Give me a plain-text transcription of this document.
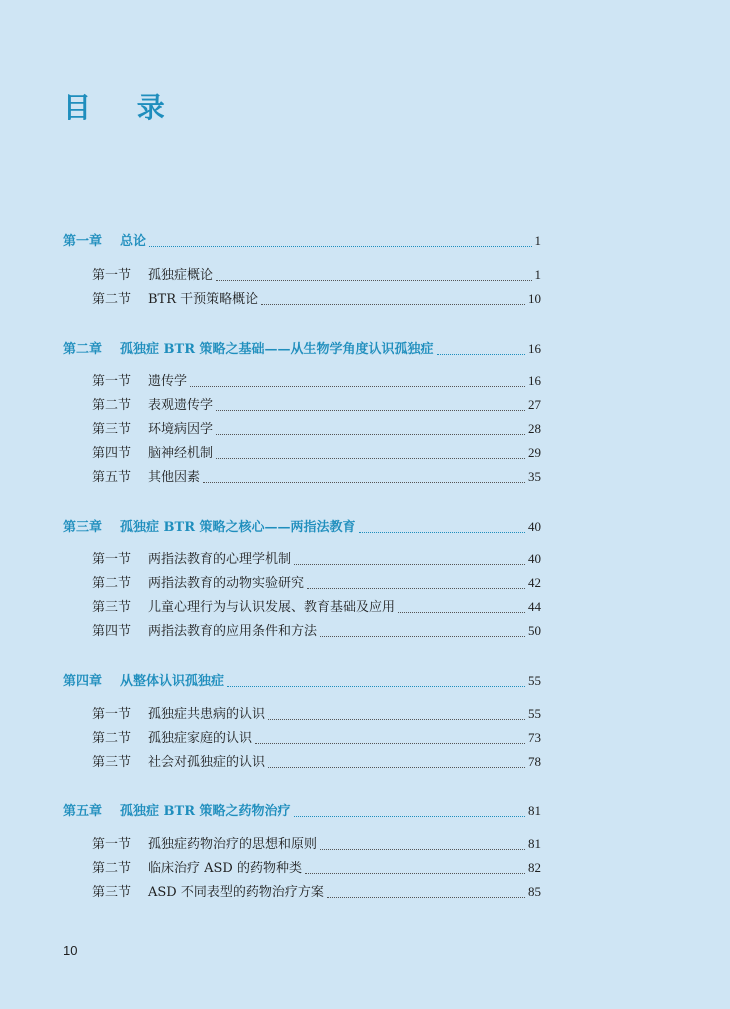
目 录
第一章	总论	1
第一节	孤独症概论	1
第二节	BTR 干预策略概论	10
第二章	孤独症 BTR 策略之基础——从生物学角度认识孤独症	16
第一节	遗传学	16
第二节	表观遗传学	27
第三节	环境病因学	28
第四节	脑神经机制	29
第五节	其他因素	35
第三章	孤独症 BTR 策略之核心——两指法教育	40
第一节	两指法教育的心理学机制	40
第二节	两指法教育的动物实验研究	42
第三节	儿童心理行为与认识发展、教育基础及应用	44
第四节	两指法教育的应用条件和方法	50
第四章	从整体认识孤独症	55
第一节	孤独症共患病的认识	55
第二节	孤独症家庭的认识	73
第三节	社会对孤独症的认识	78
第五章	孤独症 BTR 策略之药物治疗	81
第一节	孤独症药物治疗的思想和原则	81
第二节	临床治疗 ASD 的药物种类	82
第三节	ASD 不同表型的药物治疗方案	85
10
